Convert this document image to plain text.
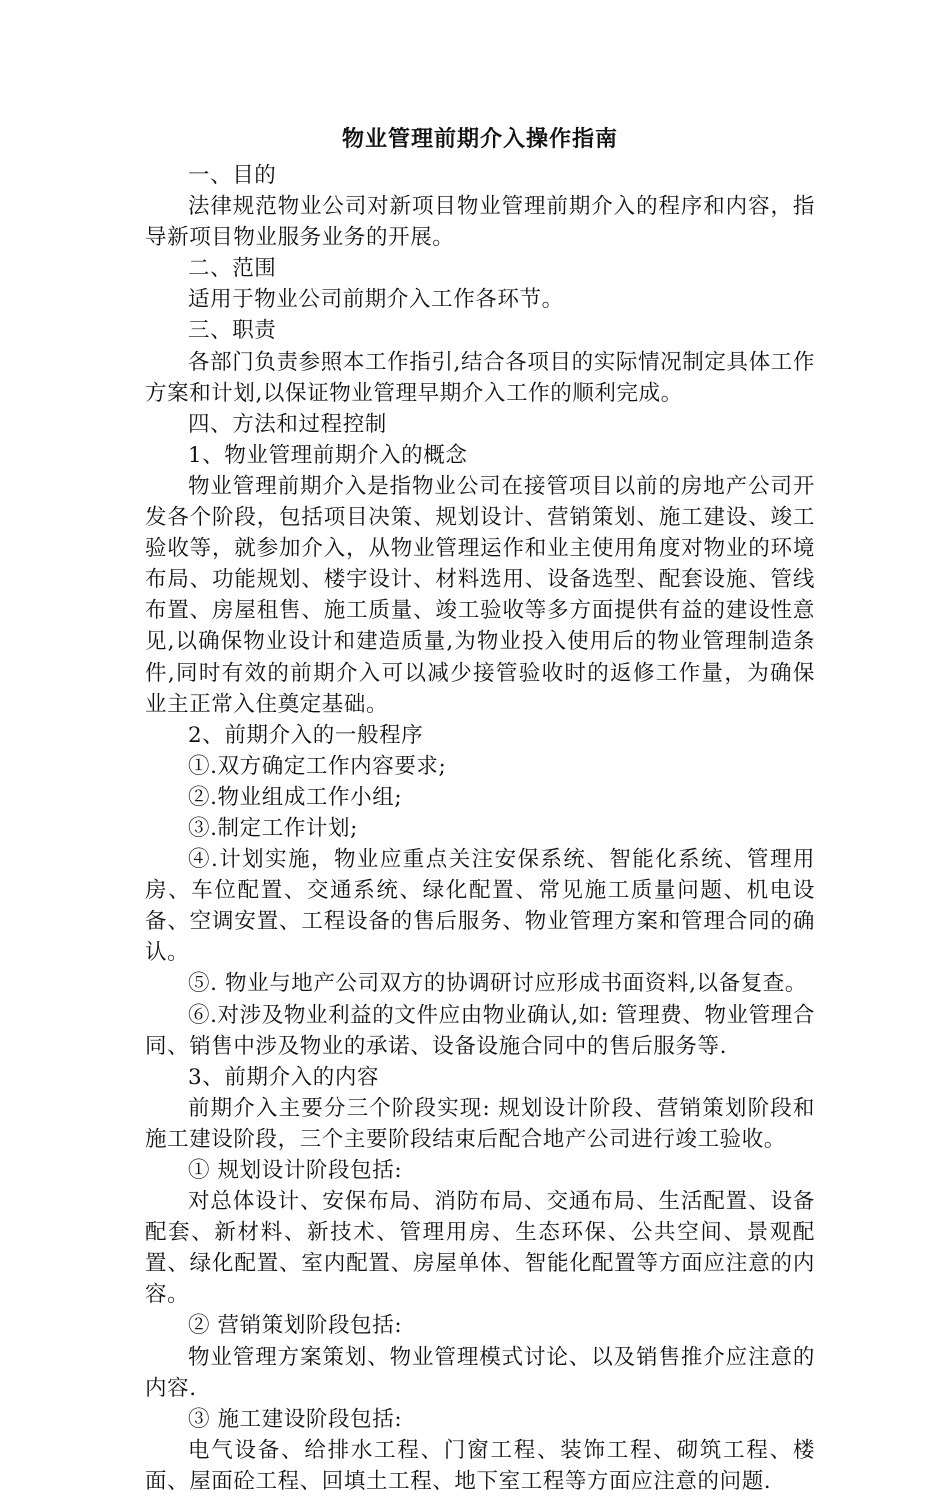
物业管理前期介入操作指南

一、目的

法律规范物业公司对新项目物业管理前期介入的程序和内容，指导新项目物业服务业务的开展。

二、范围

适用于物业公司前期介入工作各环节。

三、职责

各部门负责参照本工作指引,结合各项目的实际情况制定具体工作方案和计划,以保证物业管理早期介入工作的顺利完成。

四、方法和过程控制

1、物业管理前期介入的概念

物业管理前期介入是指物业公司在接管项目以前的房地产公司开发各个阶段，包括项目决策、规划设计、营销策划、施工建设、竣工验收等，就参加介入，从物业管理运作和业主使用角度对物业的环境布局、功能规划、楼宇设计、材料选用、设备选型、配套设施、管线布置、房屋租售、施工质量、竣工验收等多方面提供有益的建设性意见,以确保物业设计和建造质量,为物业投入使用后的物业管理制造条件,同时有效的前期介入可以减少接管验收时的返修工作量，为确保业主正常入住奠定基础。

2、前期介入的一般程序

①.双方确定工作内容要求;

②.物业组成工作小组;

③.制定工作计划;

④.计划实施，物业应重点关注安保系统、智能化系统、管理用房、车位配置、交通系统、绿化配置、常见施工质量问题、机电设备、空调安置、工程设备的售后服务、物业管理方案和管理合同的确认。

⑤. 物业与地产公司双方的协调研讨应形成书面资料,以备复查。

⑥.对涉及物业利益的文件应由物业确认,如: 管理费、物业管理合同、销售中涉及物业的承诺、设备设施合同中的售后服务等.

3、前期介入的内容

前期介入主要分三个阶段实现: 规划设计阶段、营销策划阶段和施工建设阶段，三个主要阶段结束后配合地产公司进行竣工验收。

① 规划设计阶段包括:

对总体设计、安保布局、消防布局、交通布局、生活配置、设备配套、新材料、新技术、管理用房、生态环保、公共空间、景观配置、绿化配置、室内配置、房屋单体、智能化配置等方面应注意的内容。

② 营销策划阶段包括:

物业管理方案策划、物业管理模式讨论、以及销售推介应注意的内容.

③ 施工建设阶段包括:

电气设备、给排水工程、门窗工程、装饰工程、砌筑工程、楼面、屋面砼工程、回填土工程、地下室工程等方面应注意的问题.
